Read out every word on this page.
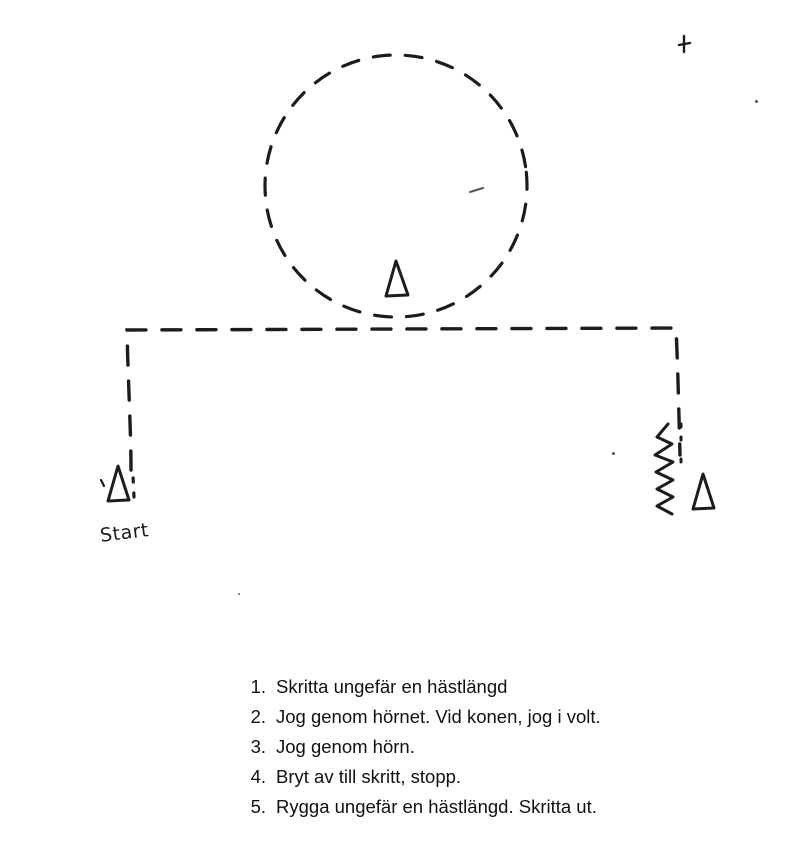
Start
1. Skritta ungefär en hästlängd
2. Jog genom hörnet. Vid konen, jog i volt.
3. Jog genom hörn.
4. Bryt av till skritt, stopp.
5. Rygga ungefär en hästlängd. Skritta ut.
